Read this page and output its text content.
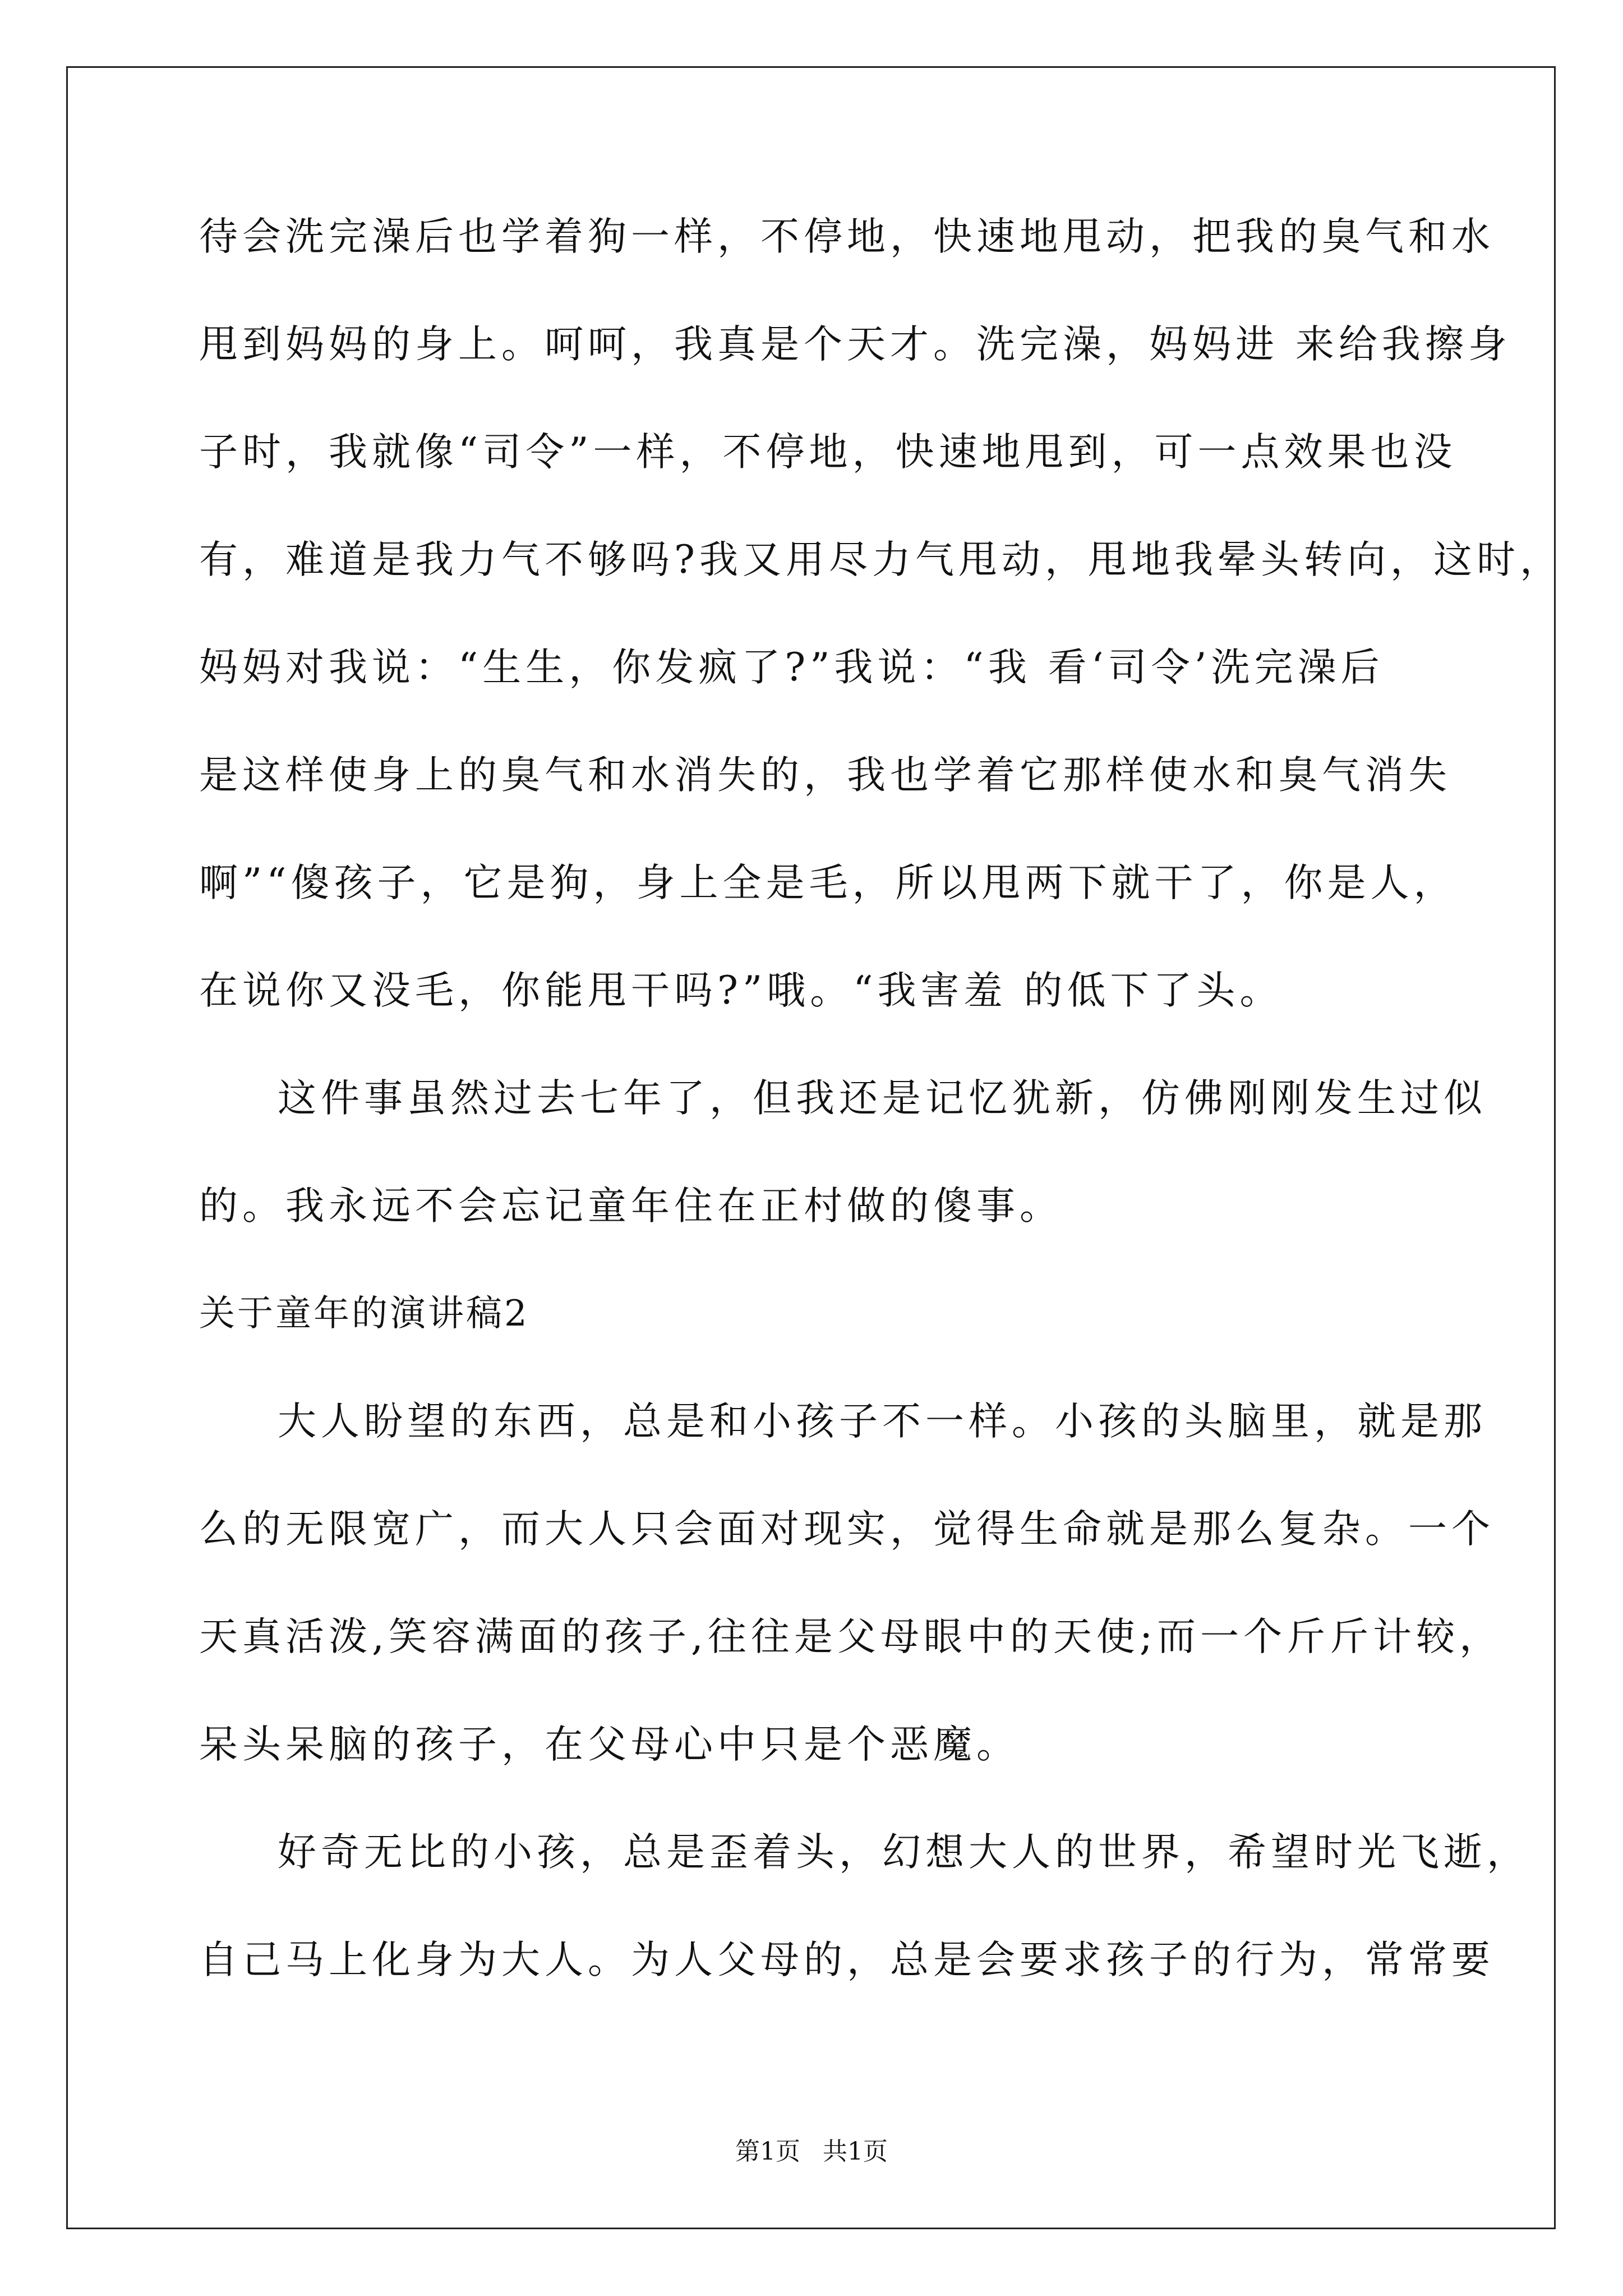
待会洗完澡后也学着狗一样，不停地，快速地甩动，把我的臭气和水
甩到妈妈的身上。呵呵，我真是个天才。洗完澡，妈妈进 来给我擦身
子时，我就像“司令”一样，不停地，快速地甩到，可一点效果也没
有，难道是我力气不够吗?我又用尽力气甩动，甩地我晕头转向，这时，
妈妈对我说：“生生，你发疯了?”我说：“我 看‘司令’洗完澡后
是这样使身上的臭气和水消失的，我也学着它那样使水和臭气消失
啊”“傻孩子，它是狗，身上全是毛，所以甩两下就干了，你是人，
在说你又没毛，你能甩干吗?”哦。“我害羞 的低下了头。
这件事虽然过去七年了，但我还是记忆犹新，仿佛刚刚发生过似
的。我永远不会忘记童年住在正村做的傻事。
关于童年的演讲稿2
大人盼望的东西，总是和小孩子不一样。小孩的头脑里，就是那
么的无限宽广，而大人只会面对现实，觉得生命就是那么复杂。一个
天真活泼,笑容满面的孩子,往往是父母眼中的天使;而一个斤斤计较，
呆头呆脑的孩子，在父母心中只是个恶魔。
好奇无比的小孩，总是歪着头，幻想大人的世界，希望时光飞逝，
自己马上化身为大人。为人父母的，总是会要求孩子的行为，常常要
第1页 共1页
